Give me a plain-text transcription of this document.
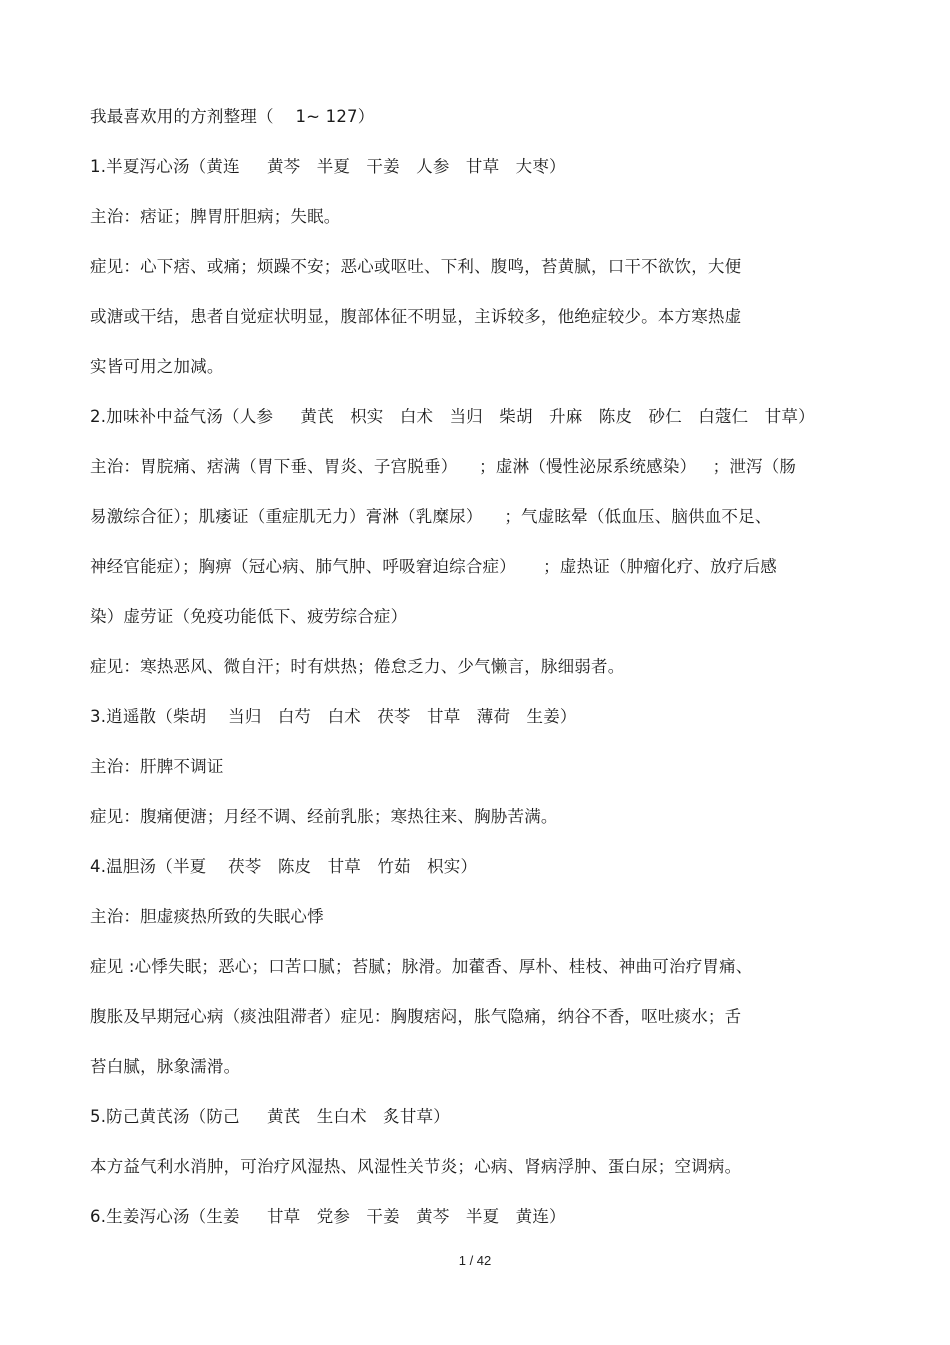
我最喜欢用的方剂整理（    1~ 127）
1.半夏泻心汤（黄连     黄芩   半夏   干姜   人参   甘草   大枣）
主治：痞证；脾胃肝胆病；失眠。
症见：心下痞、或痛；烦躁不安；恶心或呕吐、下利、腹鸣，苔黄腻，口干不欲饮，大便
或溏或干结，患者自觉症状明显，腹部体征不明显，主诉较多，他绝症较少。本方寒热虚
实皆可用之加减。
2.加味补中益气汤（人参     黄芪   枳实   白术   当归   柴胡   升麻   陈皮   砂仁   白蔻仁   甘草）
主治：胃脘痛、痞满（胃下垂、胃炎、子宫脱垂）    ；虚淋（慢性泌尿系统感染）   ；泄泻（肠
易激综合征）；肌痿证（重症肌无力）膏淋（乳糜尿）    ；气虚眩晕（低血压、脑供血不足、
神经官能症）；胸痹（冠心病、肺气肿、呼吸窘迫综合症）     ；虚热证（肿瘤化疗、放疗后感
染）虚劳证（免疫功能低下、疲劳综合症）
症见：寒热恶风、微自汗；时有烘热；倦怠乏力、少气懒言，脉细弱者。
3.逍遥散（柴胡    当归   白芍   白术   茯苓   甘草   薄荷   生姜）
主治：肝脾不调证
症见：腹痛便溏；月经不调、经前乳胀；寒热往来、胸胁苦满。
4.温胆汤（半夏    茯苓   陈皮   甘草   竹茹   枳实）
主治：胆虚痰热所致的失眠心悸
症见 :心悸失眠；恶心；口苦口腻；苔腻；脉滑。加藿香、厚朴、桂枝、神曲可治疗胃痛、
腹胀及早期冠心病（痰浊阻滞者）症见：胸腹痞闷，胀气隐痛，纳谷不香，呕吐痰水；舌
苔白腻，脉象濡滑。
5.防己黄芪汤（防己     黄芪   生白术   炙甘草）
本方益气利水消肿，可治疗风湿热、风湿性关节炎；心病、肾病浮肿、蛋白尿；空调病。
6.生姜泻心汤（生姜     甘草   党参   干姜   黄芩   半夏   黄连）
1 / 42
